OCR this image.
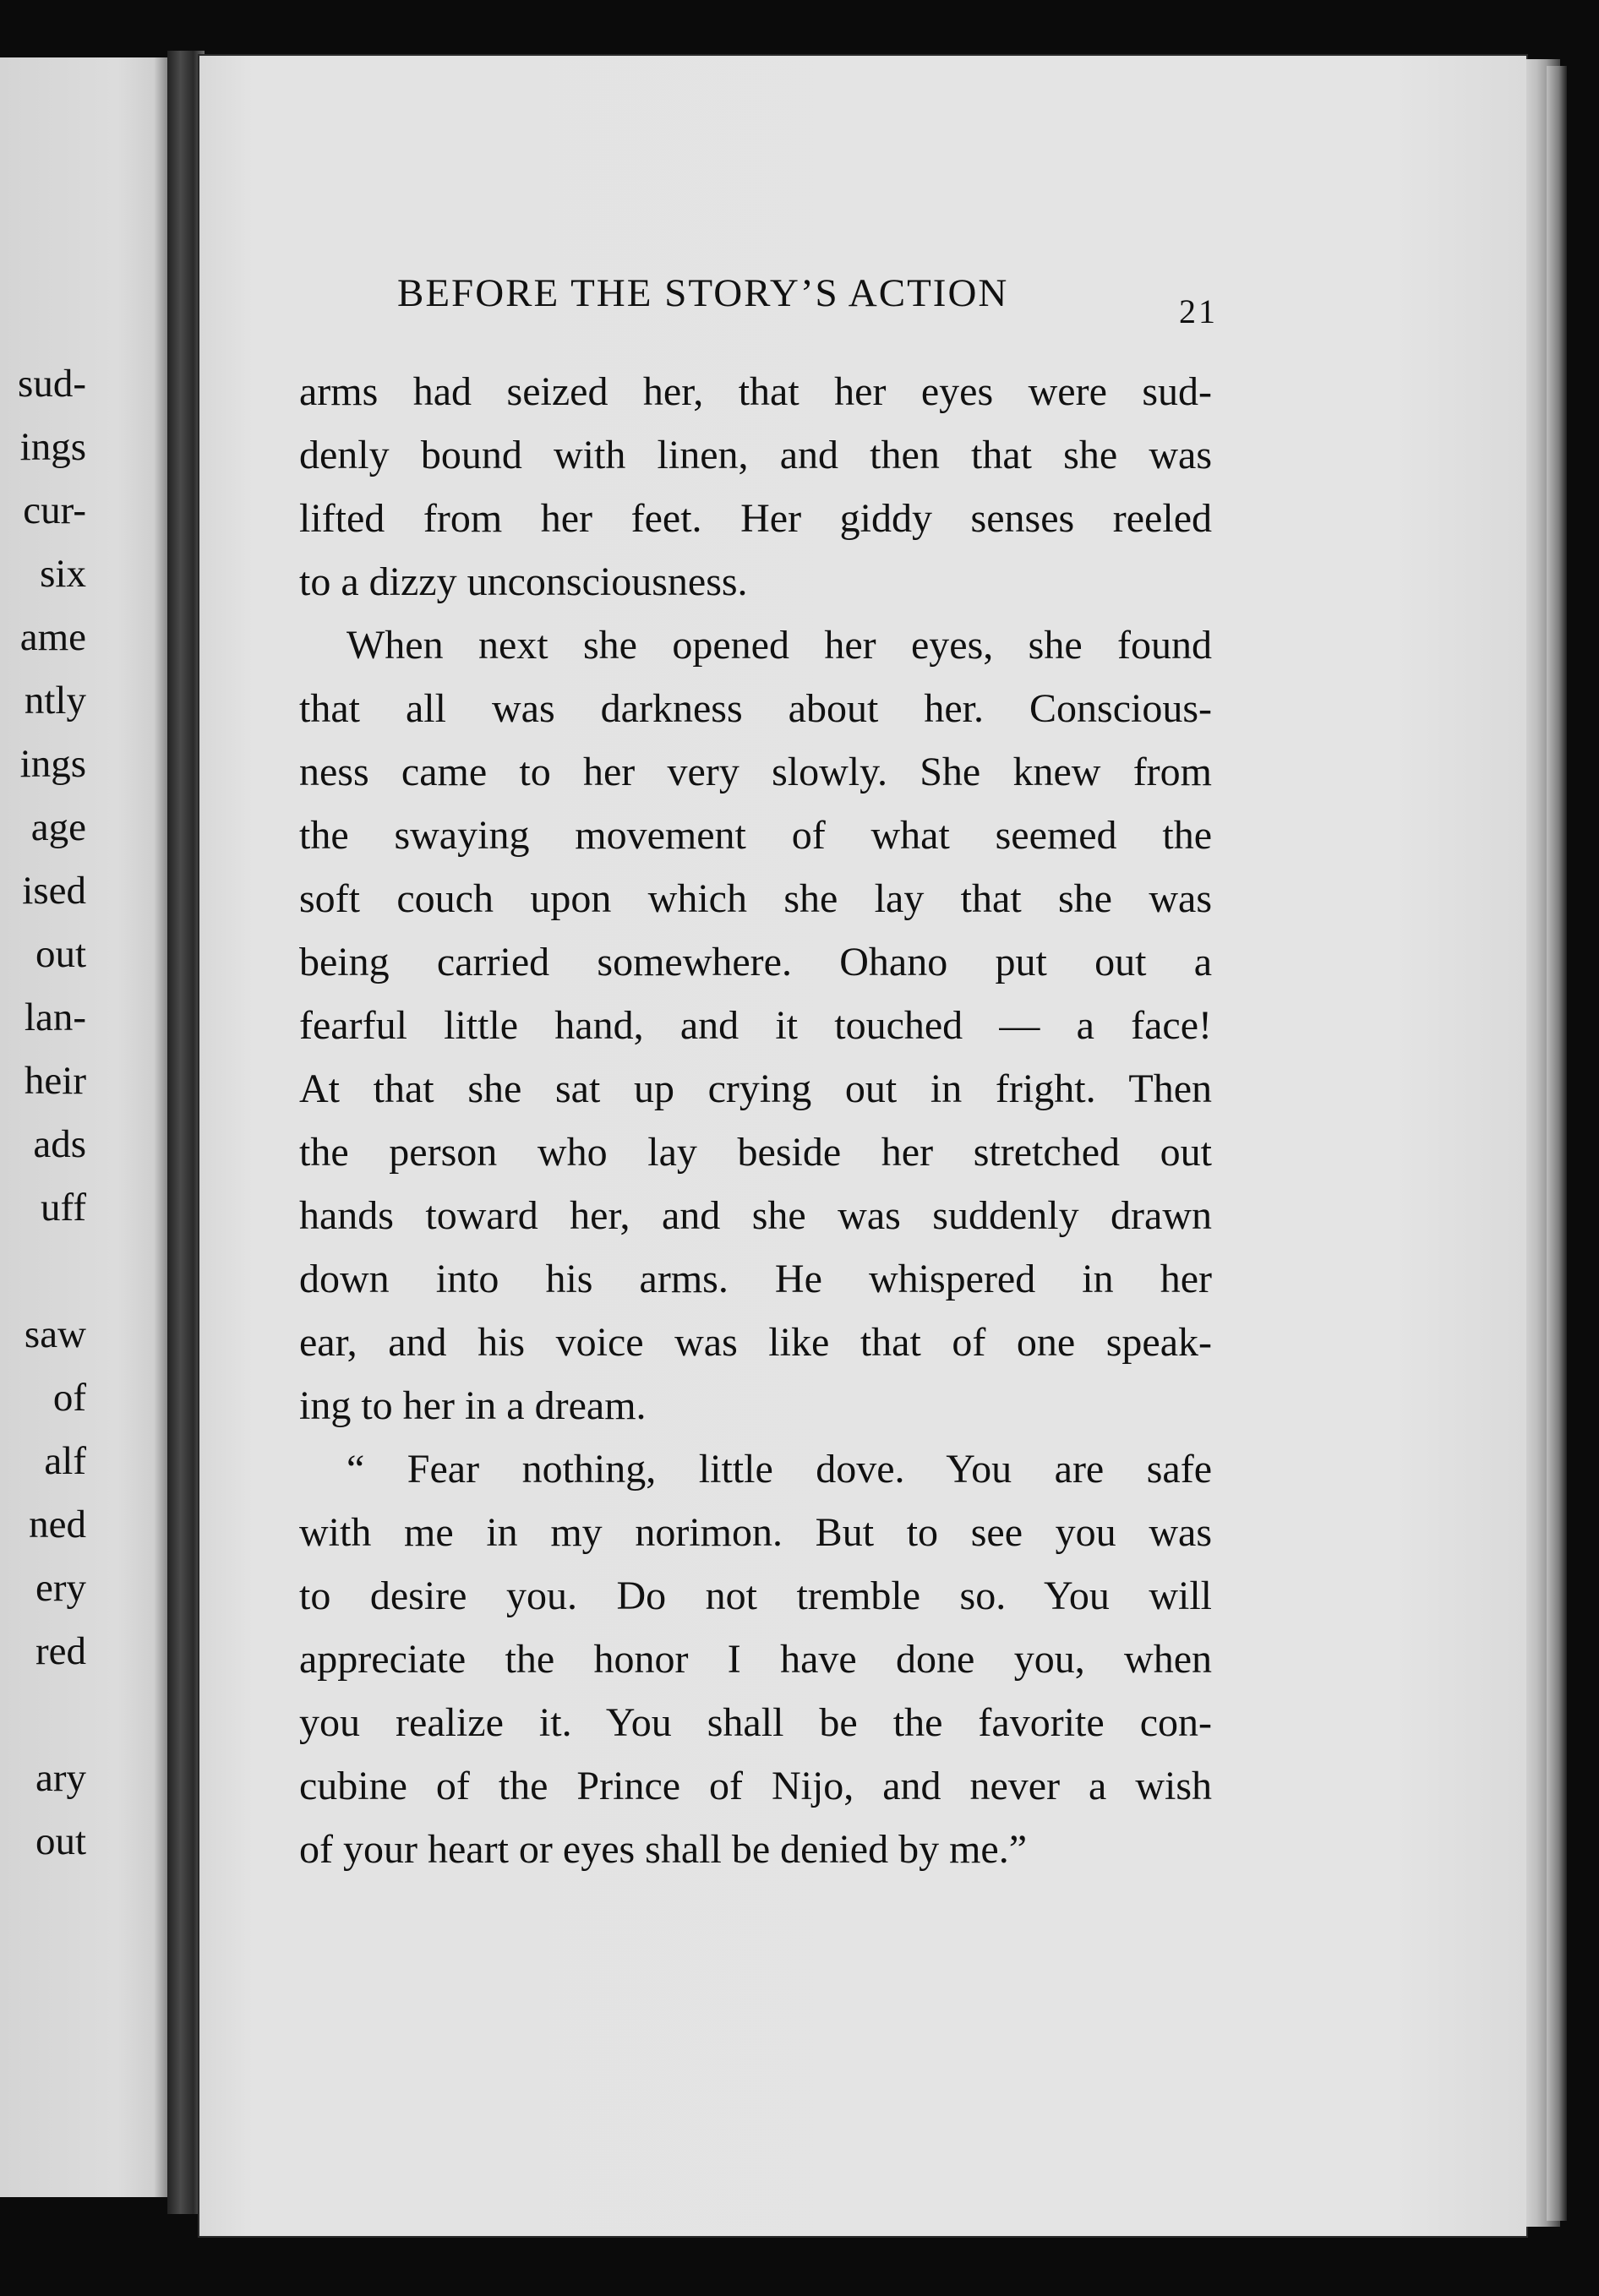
sud-
ings
cur-
six
ame
ntly
ings
age
ised
out
lan-
heir
ads
uff
saw
of
alf
ned
ery
red
ary
out
BEFORE THE STORY’S ACTION	21
arms had seized her, that her eyes were sud-
denly bound with linen, and then that she was
lifted from her feet. Her giddy senses reeled
to a dizzy unconsciousness.
When next she opened her eyes, she found
that all was darkness about her. Conscious-
ness came to her very slowly. She knew from
the swaying movement of what seemed the
soft couch upon which she lay that she was
being carried somewhere. Ohano put out a
fearful little hand, and it touched — a face!
At that she sat up crying out in fright. Then
the person who lay beside her stretched out
hands toward her, and she was suddenly drawn
down into his arms. He whispered in her
ear, and his voice was like that of one speak-
ing to her in a dream.
“ Fear nothing, little dove. You are safe
with me in my norimon. But to see you was
to desire you. Do not tremble so. You will
appreciate the honor I have done you, when
you realize it. You shall be the favorite con-
cubine of the Prince of Nijo, and never a wish
of your heart or eyes shall be denied by me.”
